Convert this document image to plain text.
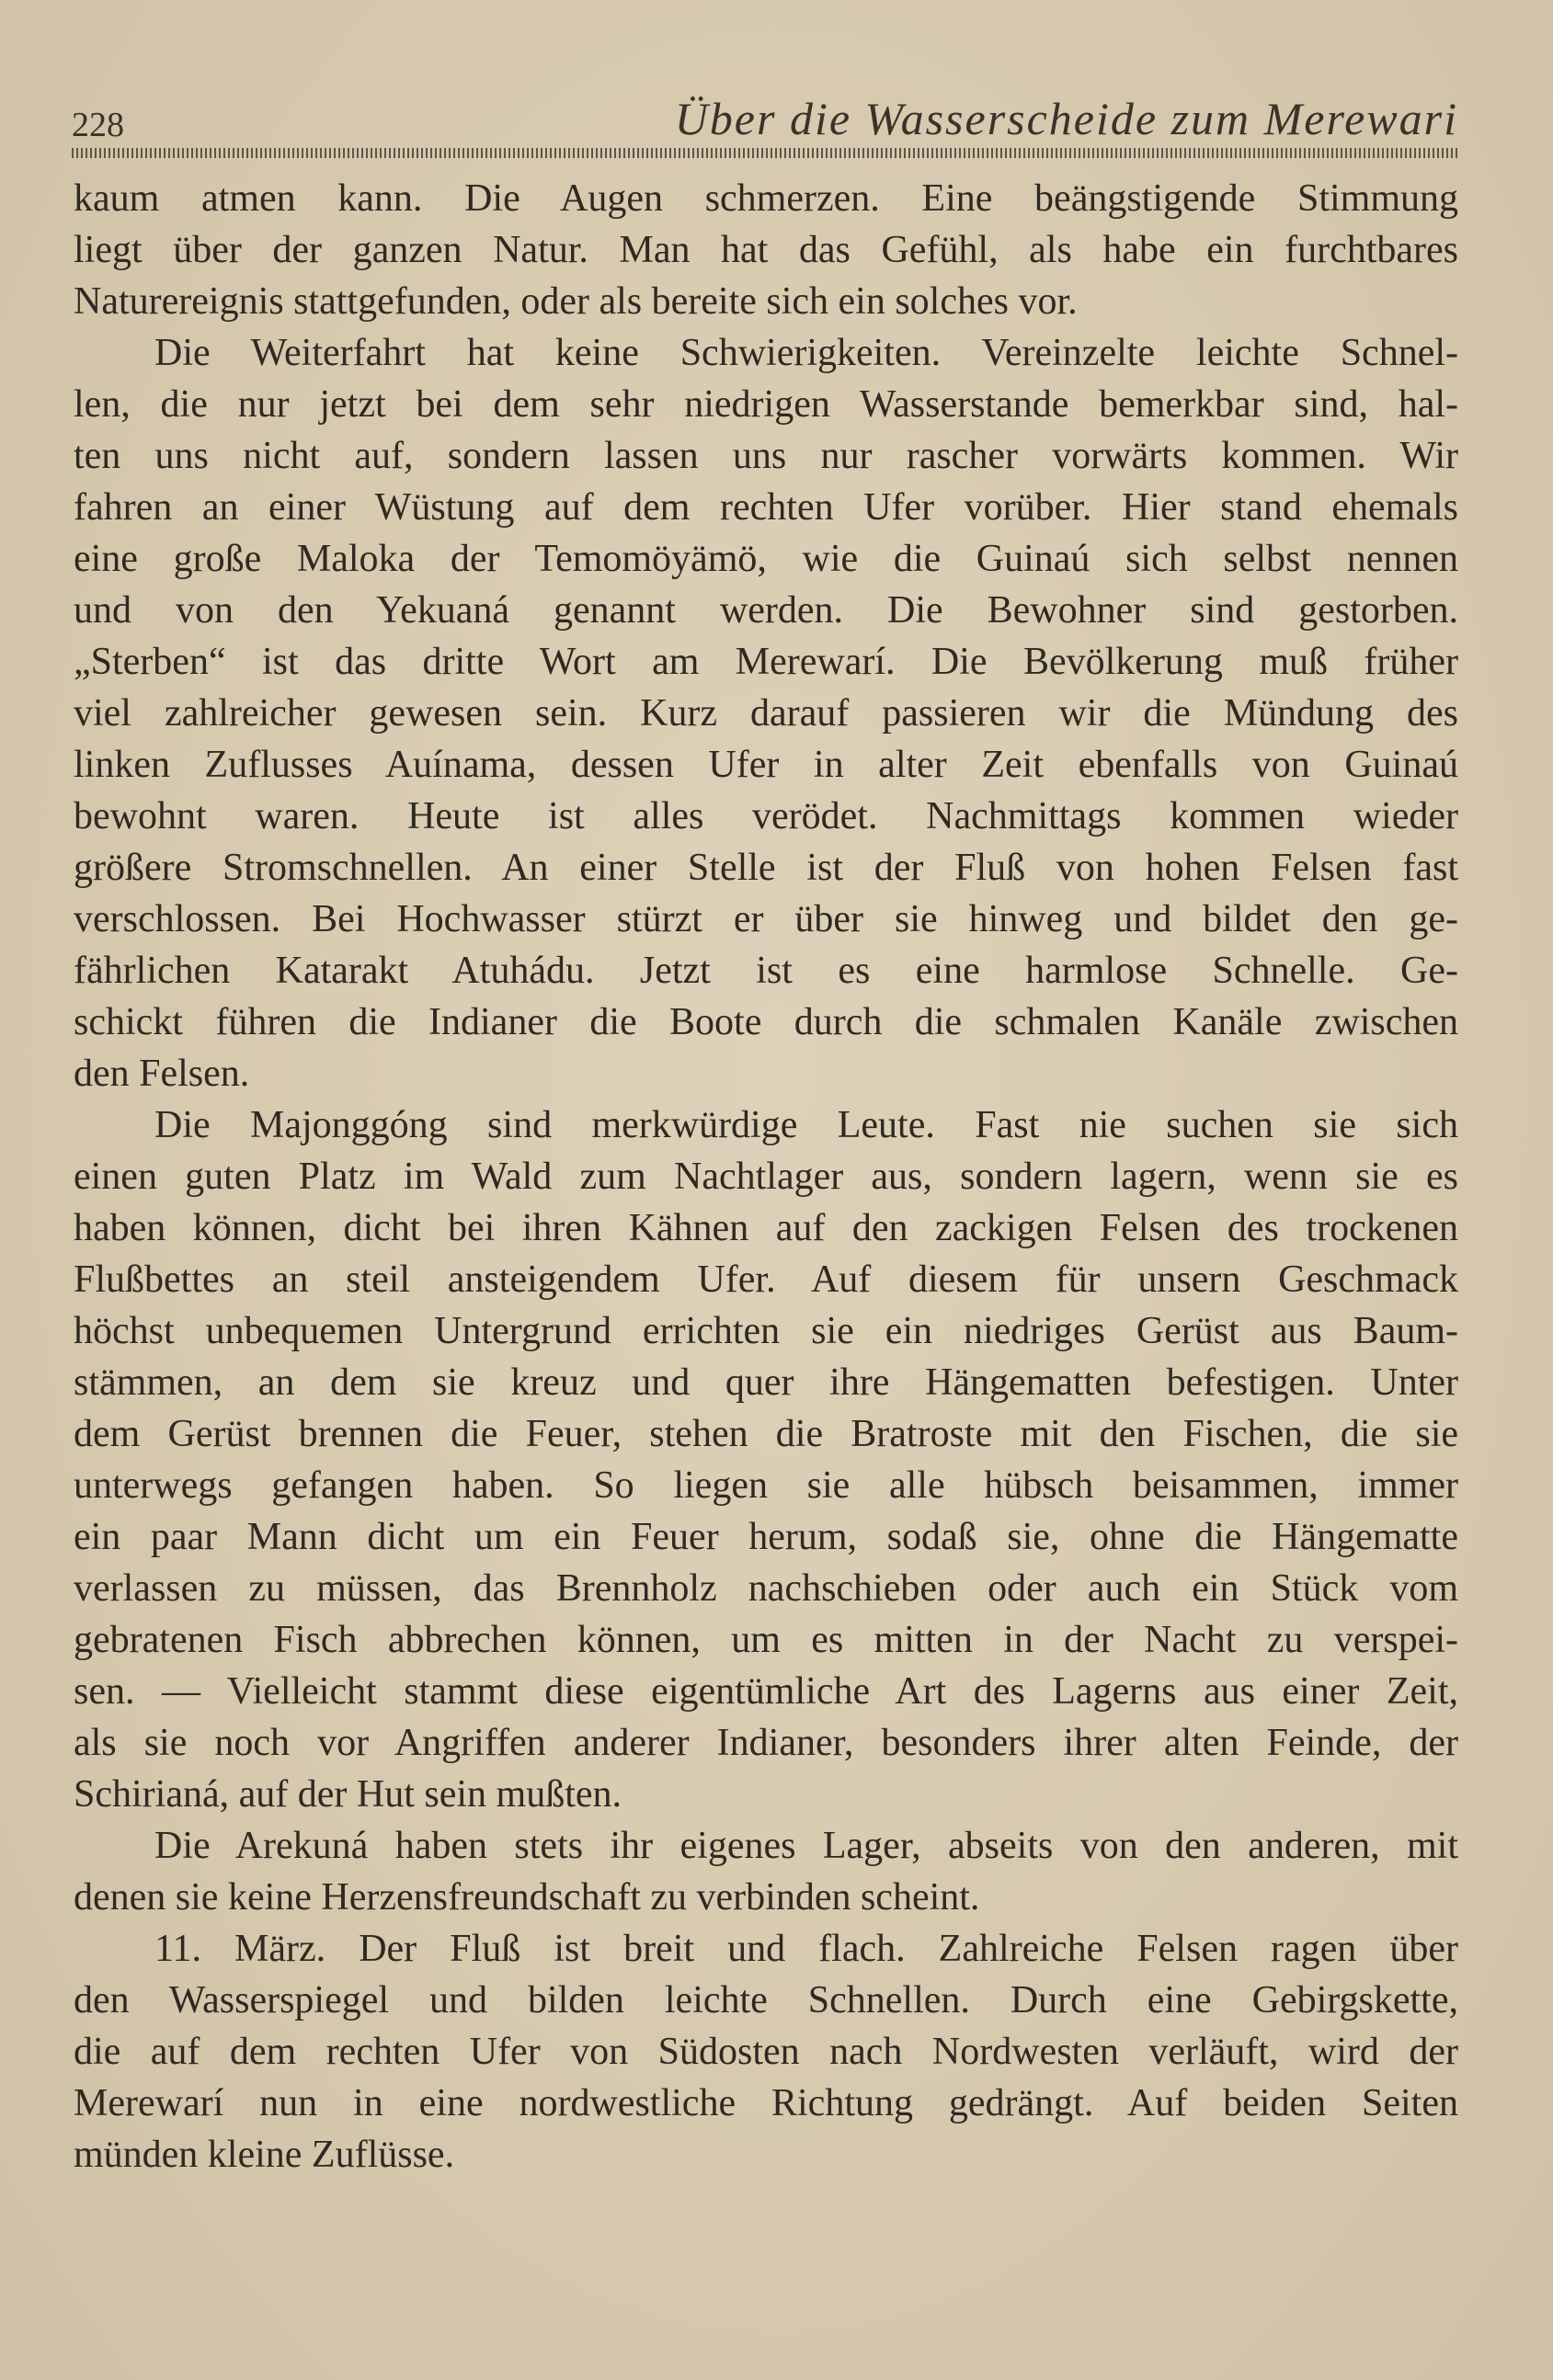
228	Über die Wasserscheide zum Merewari
kaum atmen kann. Die Augen schmerzen. Eine beängstigende Stimmung
liegt über der ganzen Natur. Man hat das Gefühl, als habe ein furchtbares
Naturereignis stattgefunden, oder als bereite sich ein solches vor.
Die Weiterfahrt hat keine Schwierigkeiten. Vereinzelte leichte Schnel-
len, die nur jetzt bei dem sehr niedrigen Wasserstande bemerkbar sind, hal-
ten uns nicht auf, sondern lassen uns nur rascher vorwärts kommen. Wir
fahren an einer Wüstung auf dem rechten Ufer vorüber. Hier stand ehemals
eine große Maloka der Temomöyämö, wie die Guinaú sich selbst nennen
und von den Yekuaná genannt werden. Die Bewohner sind gestorben.
„Sterben“ ist das dritte Wort am Merewarí. Die Bevölkerung muß früher
viel zahlreicher gewesen sein. Kurz darauf passieren wir die Mündung des
linken Zuflusses Auínama, dessen Ufer in alter Zeit ebenfalls von Guinaú
bewohnt waren. Heute ist alles verödet. Nachmittags kommen wieder
größere Stromschnellen. An einer Stelle ist der Fluß von hohen Felsen fast
verschlossen. Bei Hochwasser stürzt er über sie hinweg und bildet den ge-
fährlichen Katarakt Atuhádu. Jetzt ist es eine harmlose Schnelle. Ge-
schickt führen die Indianer die Boote durch die schmalen Kanäle zwischen
den Felsen.
Die Majonggóng sind merkwürdige Leute. Fast nie suchen sie sich
einen guten Platz im Wald zum Nachtlager aus, sondern lagern, wenn sie es
haben können, dicht bei ihren Kähnen auf den zackigen Felsen des trockenen
Flußbettes an steil ansteigendem Ufer. Auf diesem für unsern Geschmack
höchst unbequemen Untergrund errichten sie ein niedriges Gerüst aus Baum-
stämmen, an dem sie kreuz und quer ihre Hängematten befestigen. Unter
dem Gerüst brennen die Feuer, stehen die Bratroste mit den Fischen, die sie
unterwegs gefangen haben. So liegen sie alle hübsch beisammen, immer
ein paar Mann dicht um ein Feuer herum, sodaß sie, ohne die Hängematte
verlassen zu müssen, das Brennholz nachschieben oder auch ein Stück vom
gebratenen Fisch abbrechen können, um es mitten in der Nacht zu verspei-
sen. — Vielleicht stammt diese eigentümliche Art des Lagerns aus einer Zeit,
als sie noch vor Angriffen anderer Indianer, besonders ihrer alten Feinde, der
Schirianá, auf der Hut sein mußten.
Die Arekuná haben stets ihr eigenes Lager, abseits von den anderen, mit
denen sie keine Herzensfreundschaft zu verbinden scheint.
11. März. Der Fluß ist breit und flach. Zahlreiche Felsen ragen über
den Wasserspiegel und bilden leichte Schnellen. Durch eine Gebirgskette,
die auf dem rechten Ufer von Südosten nach Nordwesten verläuft, wird der
Merewarí nun in eine nordwestliche Richtung gedrängt. Auf beiden Seiten
münden kleine Zuflüsse.
